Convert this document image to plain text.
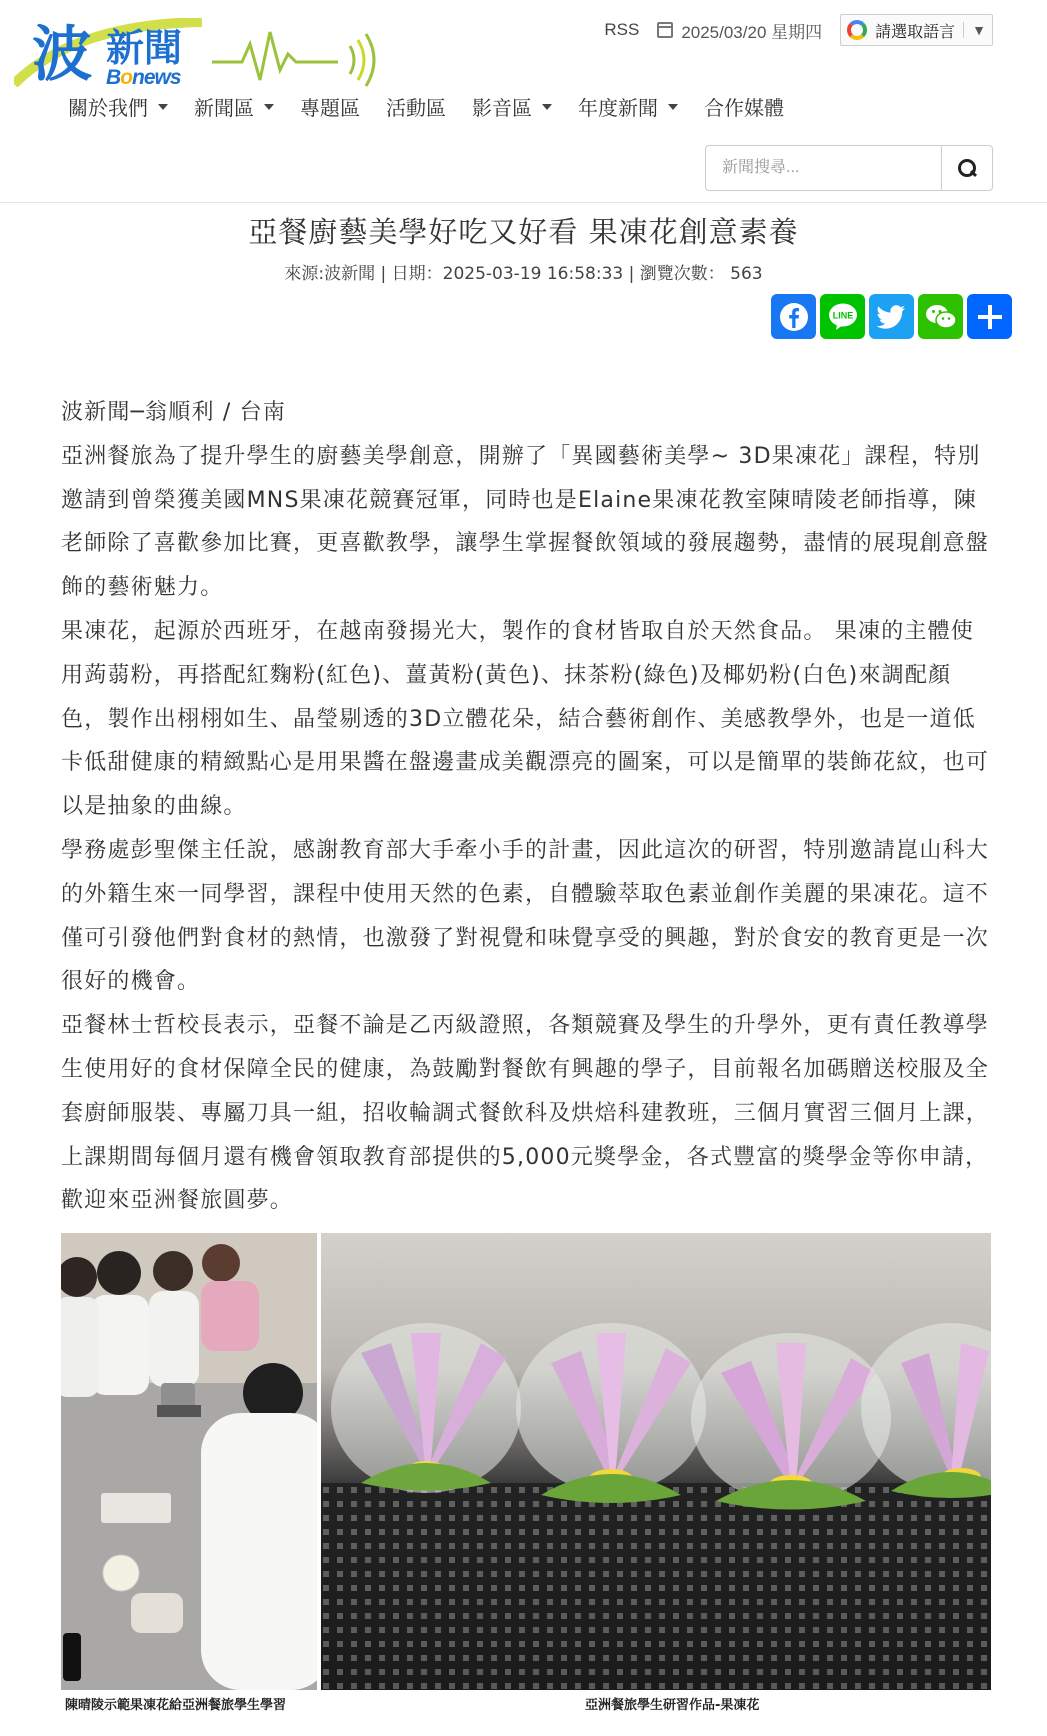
波 新聞
Bonews
RSS 2025/03/20 星期四	請選取語言	▼
關於我們 新聞區 專題區 活動區 影音區 年度新聞 合作媒體
新聞搜尋...
亞餐廚藝美學好吃又好看 果凍花創意素養
來源:波新聞 | 日期：2025-03-19 16:58:33 | 瀏覽次數： 563
LINE

波新聞─翁順利 / 台南

亞洲餐旅為了提升學生的廚藝美學創意，開辦了「異國藝術美學~ 3D果凍花」課程，特別邀請到曾榮獲美國MNS果凍花競賽冠軍，同時也是Elaine果凍花教室陳晴陵老師指導，陳老師除了喜歡參加比賽，更喜歡教學，讓學生掌握餐飲領域的發展趨勢，盡情的展現創意盤飾的藝術魅力。

果凍花，起源於西班牙，在越南發揚光大，製作的食材皆取自於天然食品。 果凍的主體使用蒟蒻粉，再搭配紅麴粉(紅色)、薑黃粉(黃色)、抹茶粉(綠色)及椰奶粉(白色)來調配顏色，製作出栩栩如生、晶瑩剔透的3D立體花朵，結合藝術創作、美感教學外，也是一道低卡低甜健康的精緻點心是用果醬在盤邊畫成美觀漂亮的圖案，可以是簡單的裝飾花紋，也可以是抽象的曲線。

學務處彭聖傑主任說，感謝教育部大手牽小手的計畫，因此這次的研習，特別邀請崑山科大的外籍生來一同學習，課程中使用天然的色素，自體驗萃取色素並創作美麗的果凍花。這不僅可引發他們對食材的熱情，也激發了對視覺和味覺享受的興趣，對於食安的教育更是一次很好的機會。

亞餐林士哲校長表示，亞餐不論是乙丙級證照，各類競賽及學生的升學外，更有責任教導學生使用好的食材保障全民的健康，為鼓勵對餐飲有興趣的學子，目前報名加碼贈送校服及全套廚師服裝、專屬刀具一組，招收輪調式餐飲科及烘焙科建教班，三個月實習三個月上課，上課期間每個月還有機會領取教育部提供的5,000元獎學金，各式豐富的獎學金等你申請，歡迎來亞洲餐旅圓夢。

陳晴陵示範果凍花給亞洲餐旅學生學習	亞洲餐旅學生研習作品-果凍花
